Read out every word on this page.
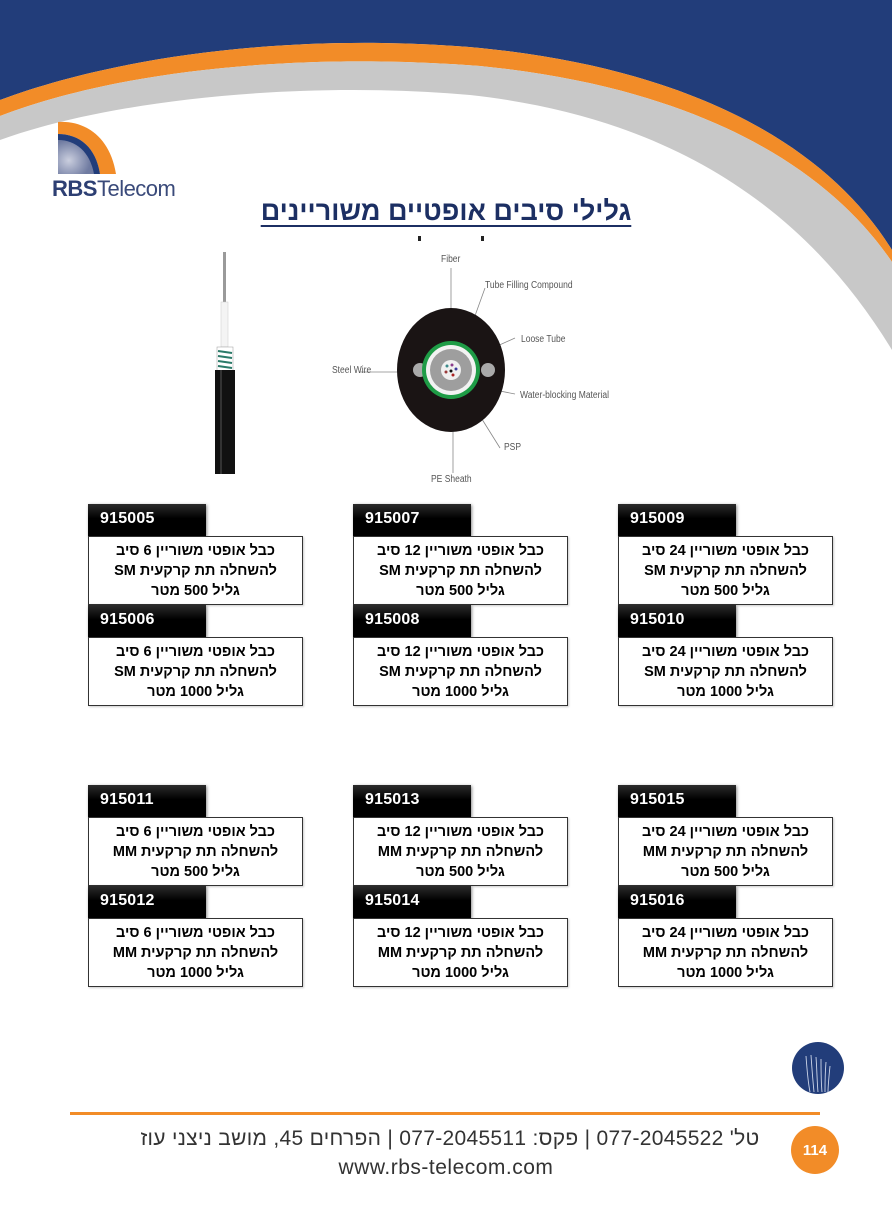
RBSTelecom
גלילי סיבים אופטיים משוריינים
Fiber
Tube Filling Compound
Loose Tube
Steel Wire
Water-blocking Material
PSP
PE Sheath
915005
כבל אופטי משוריין 6 סיב
להשחלה תת קרקעית SM
גליל 500 מטר
915006
כבל אופטי משוריין 6 סיב
להשחלה תת קרקעית SM
גליל 1000 מטר
915007
כבל אופטי משוריין 12 סיב
להשחלה תת קרקעית SM
גליל 500 מטר
915008
כבל אופטי משוריין 12 סיב
להשחלה תת קרקעית SM
גליל 1000 מטר
915009
כבל אופטי משוריין 24 סיב
להשחלה תת קרקעית SM
גליל 500 מטר
915010
כבל אופטי משוריין 24 סיב
להשחלה תת קרקעית SM
גליל 1000 מטר
915011
כבל אופטי משוריין 6 סיב
להשחלה תת קרקעית MM
גליל 500 מטר
915012
כבל אופטי משוריין 6 סיב
להשחלה תת קרקעית MM
גליל 1000 מטר
915013
כבל אופטי משוריין 12 סיב
להשחלה תת קרקעית MM
גליל 500 מטר
915014
כבל אופטי משוריין 12 סיב
להשחלה תת קרקעית MM
גליל 1000 מטר
915015
כבל אופטי משוריין 24 סיב
להשחלה תת קרקעית MM
גליל 500 מטר
915016
כבל אופטי משוריין 24 סיב
להשחלה תת קרקעית MM
גליל 1000 מטר
114
טל' 077-2045522 | פקס: 077-2045511 | הפרחים 45, מושב ניצני עוז
www.rbs-telecom.com
